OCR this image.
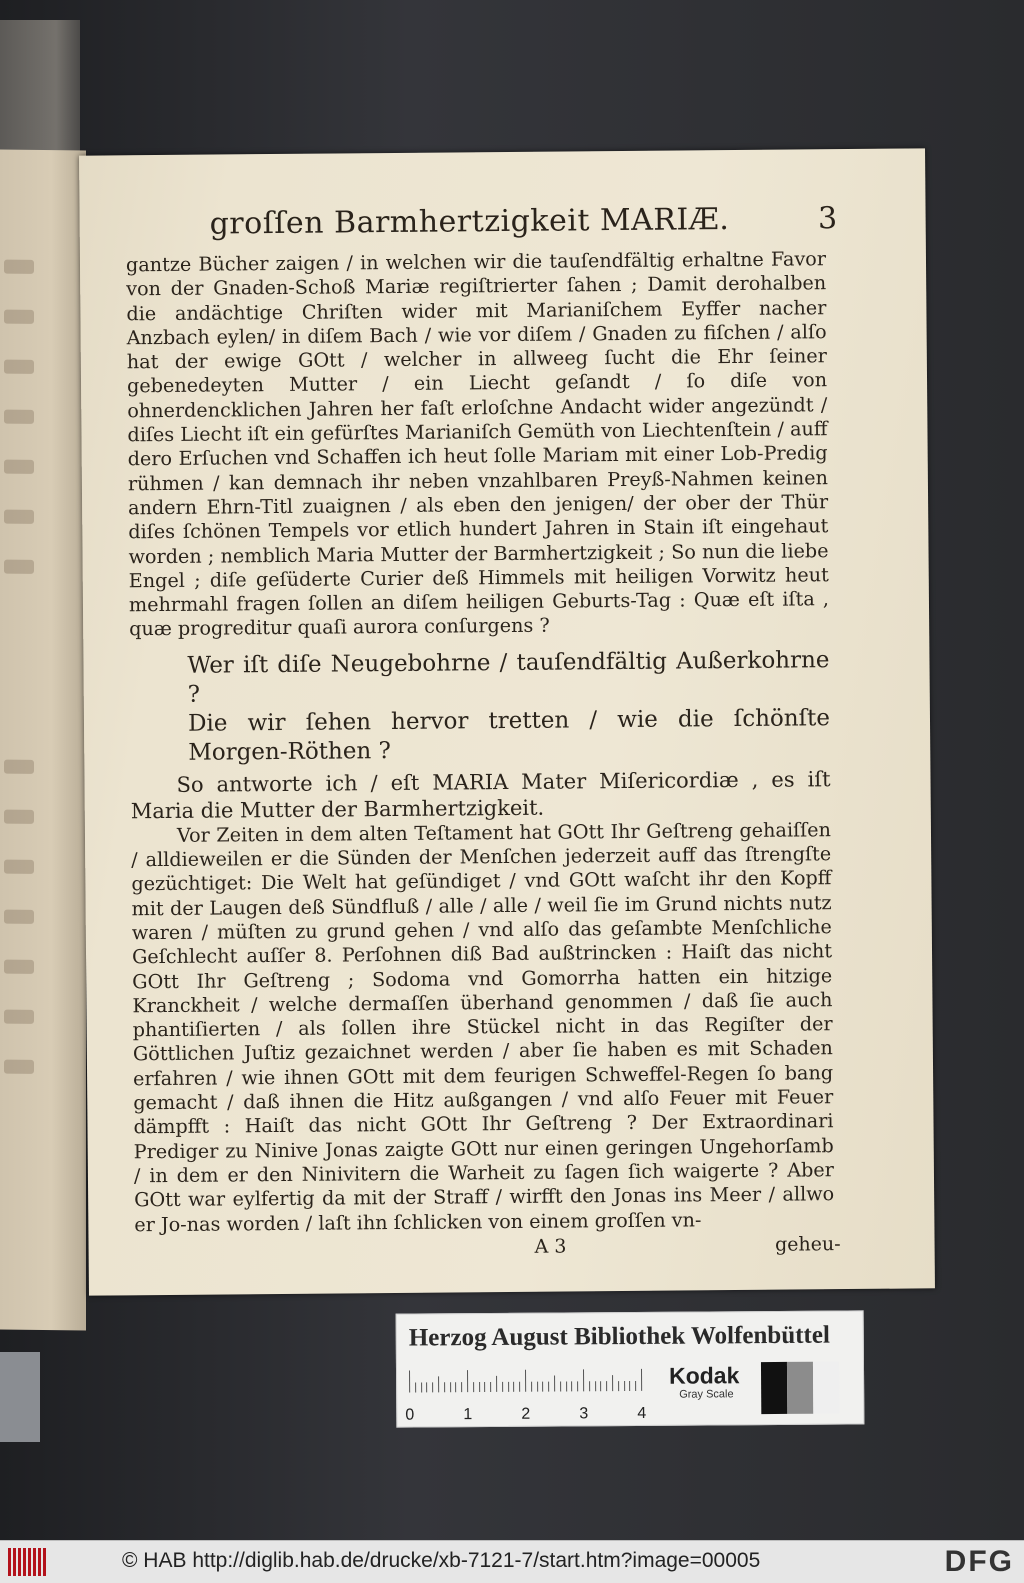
groſſen Barmhertzigkeit MARIÆ.	3

gantze Bücher zaigen / in welchen wir die tauſendfältig erhaltne Favor von der Gnaden-Schoß Mariæ regiſtrierter ſahen ; Damit derohalben die andächtige Chriſten wider mit Marianiſchem Eyffer nacher Anzbach eylen/ in diſem Bach / wie vor diſem / Gnaden zu fiſchen / alſo hat der ewige GOtt / welcher in allweeg ſucht die Ehr ſeiner gebenedeyten Mutter / ein Liecht geſandt / ſo diſe von ohnerdencklichen Jahren her faſt erloſchne Andacht wider angezündt / diſes Liecht iſt ein gefürſtes Marianiſch Gemüth von Liechtenſtein / auff dero Erſuchen vnd Schaffen ich heut ſolle Mariam mit einer Lob-Predig rühmen / kan demnach ihr neben vnzahlbaren Preyß-Nahmen keinen andern Ehrn-Titl zuaignen / als eben den jenigen/ der ober der Thür diſes ſchönen Tempels vor etlich hundert Jahren in Stain iſt eingehaut worden ; nemblich Maria Mutter der Barmhertzigkeit ; So nun die liebe Engel ; diſe geſüderte Curier deß Himmels mit heiligen Vorwitz heut mehrmahl fragen ſollen an diſem heiligen Geburts-Tag : Quæ eſt iſta , quæ progreditur quaſi aurora conſurgens ?

Wer iſt diſe Neugebohrne / tauſendfältig Außerkohrne ?
Die wir ſehen hervor tretten / wie die ſchönſte Morgen-Röthen ?

So antworte ich / eſt MARIA Mater Miſericordiæ , es iſt Maria die Mutter der Barmhertzigkeit.

Vor Zeiten in dem alten Teſtament hat GOtt Ihr Geſtreng gehaiſſen / alldieweilen er die Sünden der Menſchen jederzeit auff das ſtrengſte gezüchtiget: Die Welt hat geſündiget / vnd GOtt waſcht ihr den Kopff mit der Laugen deß Sündfluß / alle / alle / weil ſie im Grund nichts nutz waren / müſten zu grund gehen / vnd alſo das geſambte Menſchliche Geſchlecht auſſer 8. Perſohnen diß Bad außtrincken : Haiſt das nicht GOtt Ihr Geſtreng ; Sodoma vnd Gomorrha hatten ein hitzige Kranckheit / welche dermaſſen überhand genommen / daß ſie auch phantiſierten / als ſollen ihre Stückel nicht in das Regiſter der Göttlichen Juſtiz gezaichnet werden / aber ſie haben es mit Schaden erfahren / wie ihnen GOtt mit dem feurigen Schweffel-Regen ſo bang gemacht / daß ihnen die Hitz außgangen / vnd alſo Feuer mit Feuer dämpfft : Haiſt das nicht GOtt Ihr Geſtreng ? Der Extraordinari Prediger zu Ninive Jonas zaigte GOtt nur einen geringen Ungehorſamb / in dem er den Ninivitern die Warheit zu ſagen ſich waigerte ? Aber GOtt war eylfertig da mit der Straff / wirfft den Jonas ins Meer / allwo er Jo-nas worden / laſt ihn ſchlicken von einem groſſen vn-

A 3	geheu-
Herzog August Bibliothek Wolfenbüttel
0	1	2	3	4
Kodak
Gray Scale
© HAB http://diglib.hab.de/drucke/xb-7121-7/start.htm?image=00005	DFG
